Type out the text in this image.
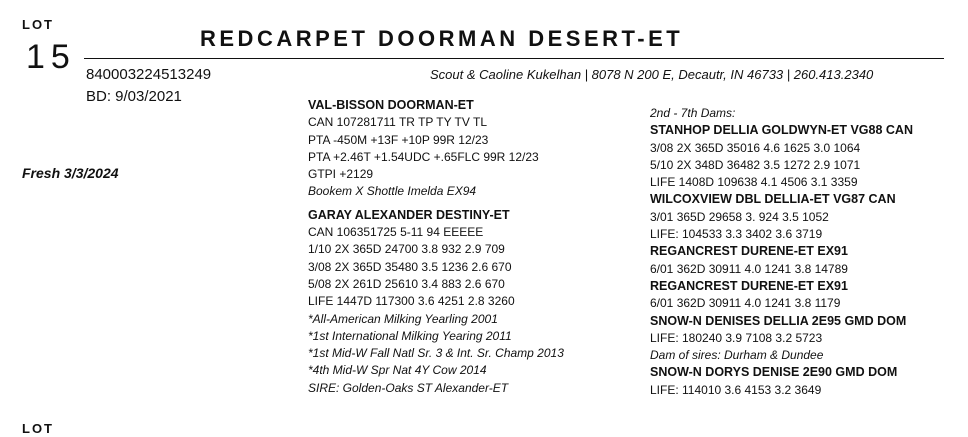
LOT
15	REDCARPET DOORMAN DESERT-ET
840003224513249
BD: 9/03/2021
Scout & Caoline Kukelhan | 8078 N 200 E, Decautr, IN 46733 | 260.413.2340
Fresh 3/3/2024
VAL-BISSON DOORMAN-ET
CAN 107281711 TR TP TY TV TL
PTA -450M +13F +10P 99R 12/23
PTA +2.46T +1.54UDC +.65FLC 99R 12/23
GTPI +2129
Bookem X Shottle Imelda EX94
GARAY ALEXANDER DESTINY-ET
CAN 106351725 5-11 94 EEEEE
1/10 2X 365D 24700 3.8 932 2.9 709
3/08 2X 365D 35480 3.5 1236 2.6 670
5/08 2X 261D 25610 3.4 883 2.6 670
LIFE 1447D 117300 3.6 4251 2.8 3260
*All-American Milking Yearling 2001
*1st International Milking Yearing 2011
*1st Mid-W Fall Natl Sr. 3 & Int. Sr. Champ 2013
*4th Mid-W Spr Nat 4Y Cow 2014
SIRE: Golden-Oaks ST Alexander-ET
2nd - 7th Dams:
STANHOP DELLIA GOLDWYN-ET VG88 CAN
3/08 2X 365D 35016 4.6 1625 3.0 1064
5/10 2X 348D 36482 3.5 1272 2.9 1071
LIFE 1408D 109638 4.1 4506 3.1 3359
WILCOXVIEW DBL DELLIA-ET VG87 CAN
3/01 365D 29658 3. 924 3.5 1052
LIFE: 104533 3.3 3402 3.6 3719
REGANCREST DURENE-ET EX91
6/01 362D 30911 4.0 1241 3.8 14789
REGANCREST DURENE-ET EX91
6/01 362D 30911 4.0 1241 3.8 1179
SNOW-N DENISES DELLIA 2E95 GMD DOM
LIFE: 180240 3.9 7108 3.2 5723
Dam of sires: Durham & Dundee
SNOW-N DORYS DENISE 2E90 GMD DOM
LIFE: 114010 3.6 4153 3.2 3649
LOT
